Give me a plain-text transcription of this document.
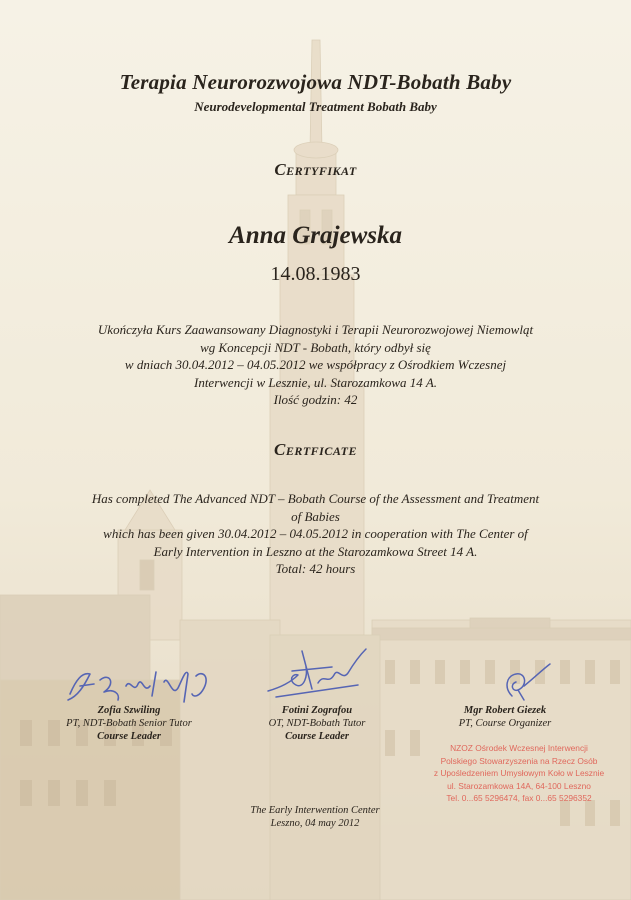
Terapia Neurorozwojowa NDT-Bobath Baby
Neurodevelopmental Treatment Bobath Baby
Certyfikat
Anna Grajewska
14.08.1983
Ukończyła Kurs Zaawansowany Diagnostyki i Terapii Neurorozwojowej Niemowląt
wg Koncepcji NDT - Bobath, który odbył się
w dniach 30.04.2012 – 04.05.2012 we współpracy z Ośrodkiem Wczesnej
Interwencji w Lesznie, ul. Starozamkowa 14 A.
Ilość godzin: 42
Certficate
Has completed The Advanced NDT – Bobath Course of the Assessment and Treatment
of Babies
which has been given 30.04.2012 – 04.05.2012 in cooperation with The Center of
Early Intervention in Leszno at the Starozamkowa Street 14 A.
Total: 42 hours
Zofia Szwiling
PT, NDT-Bobath Senior Tutor
Course Leader
Fotini Zografou
OT, NDT-Bobath Tutor
Course Leader
Mgr Robert Giezek
PT, Course Organizer
NZOZ Ośrodek Wczesnej Interwencji
Polskiego Stowarzyszenia na Rzecz Osób
z Upośledzeniem Umysłowym Koło w Lesznie
ul. Starozamkowa 14A, 64-100 Leszno
Tel. 0...65 5296474, fax 0...65 5296352
The Early Interwention Center
Leszno, 04 may 2012
